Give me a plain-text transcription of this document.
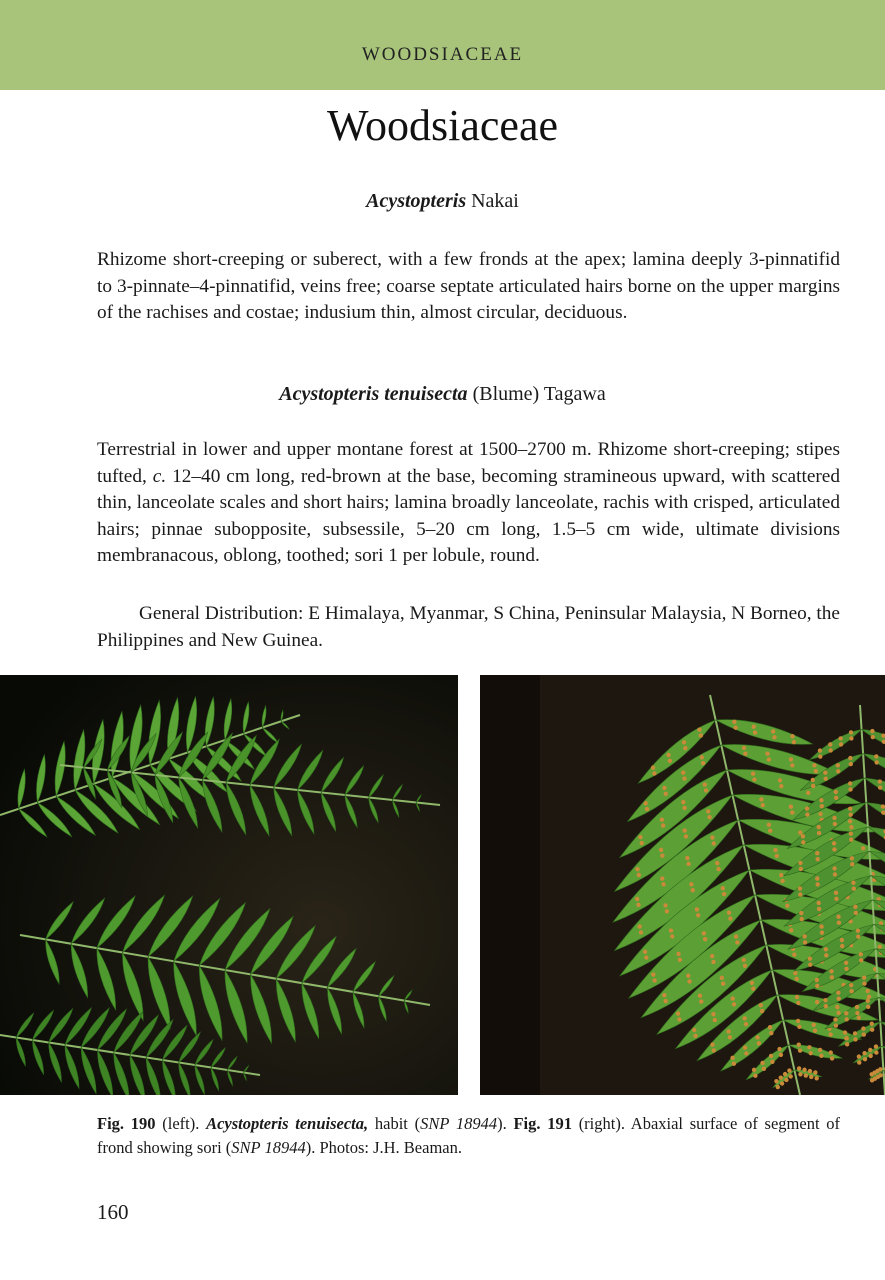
WOODSIACEAE
Woodsiaceae
Acystopteris Nakai

Rhizome short-creeping or suberect, with a few fronds at the apex; lamina deeply 3-pinnatifid to 3-pinnate–4-pinnatifid, veins free; coarse septate articulated hairs borne on the upper margins of the rachises and costae; indusium thin, almost circular, deciduous.

Acystopteris tenuisecta (Blume) Tagawa

Terrestrial in lower and upper montane forest at 1500–2700 m. Rhizome short-creeping; stipes tufted, c. 12–40 cm long, red-brown at the base, becoming stramineous upward, with scattered thin, lanceolate scales and short hairs; lamina broadly lanceolate, rachis with crisped, articulated hairs; pinnae subopposite, subsessile, 5–20 cm long, 1.5–5 cm wide, ultimate divisions membranacous, oblong, toothed; sori 1 per lobule, round.

General Distribution: E Himalaya, Myanmar, S China, Peninsular Malaysia, N Borneo, the Philippines and New Guinea.

Fig. 190 (left). Acystopteris tenuisecta, habit (SNP 18944). Fig. 191 (right). Abaxial surface of segment of frond showing sori (SNP 18944). Photos: J.H. Beaman.

160
